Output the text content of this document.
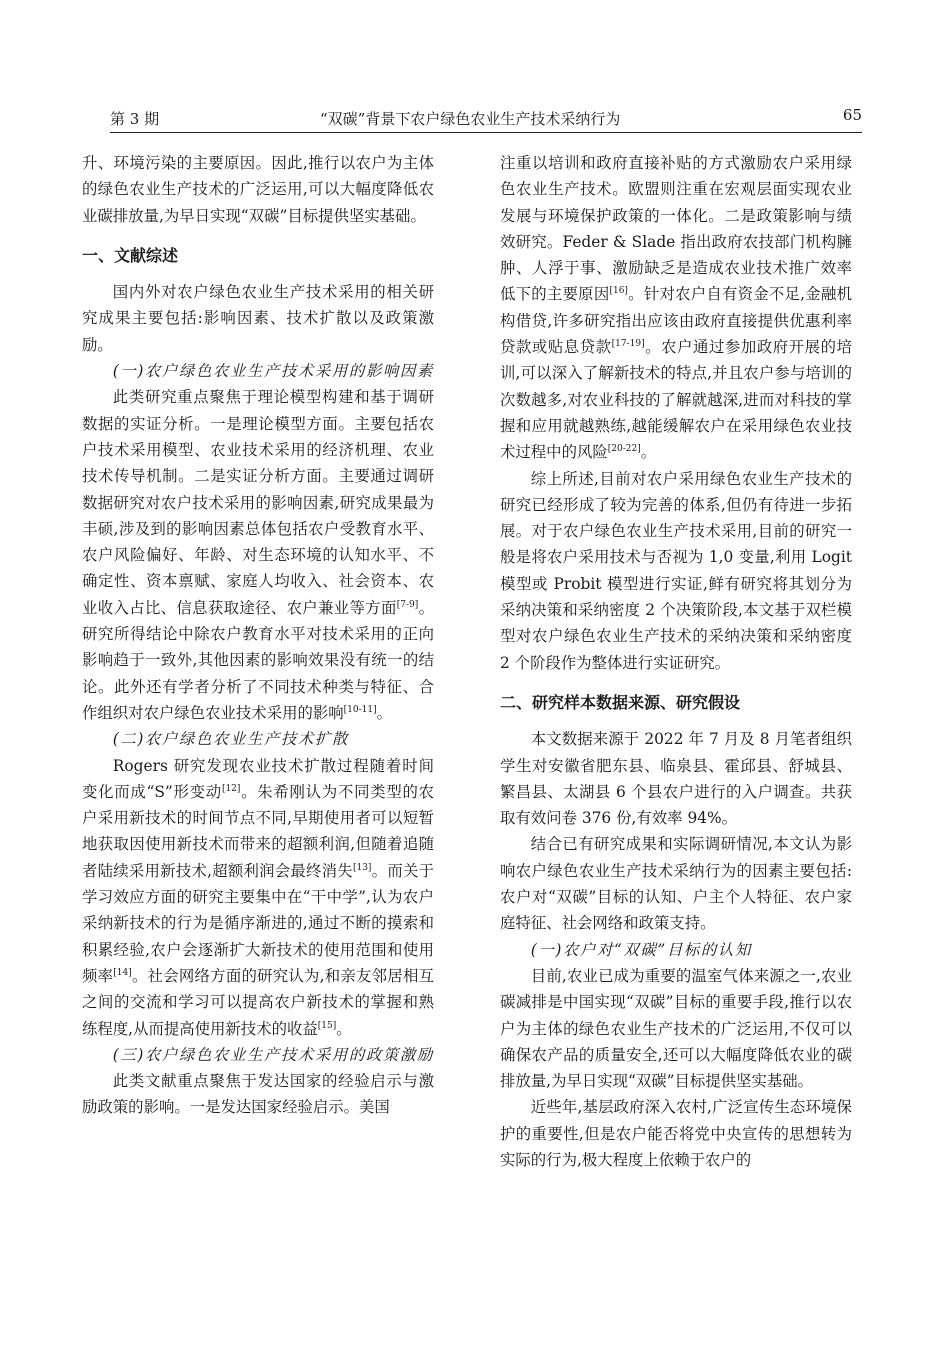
第 3 期	“双碳”背景下农户绿色农业生产技术采纳行为	65

升、环境污染的主要原因。因此,推行以农户为主体的绿色农业生产技术的广泛运用,可以大幅度降低农业碳排放量,为早日实现“双碳”目标提供坚实基础。

一、文献综述

国内外对农户绿色农业生产技术采用的相关研究成果主要包括:影响因素、技术扩散以及政策激励。

(一)农户绿色农业生产技术采用的影响因素

此类研究重点聚焦于理论模型构建和基于调研数据的实证分析。一是理论模型方面。主要包括农户技术采用模型、农业技术采用的经济机理、农业技术传导机制。二是实证分析方面。主要通过调研数据研究对农户技术采用的影响因素,研究成果最为丰硕,涉及到的影响因素总体包括农户受教育水平、农户风险偏好、年龄、对生态环境的认知水平、不确定性、资本禀赋、家庭人均收入、社会资本、农业收入占比、信息获取途径、农户兼业等方面[7-9]。研究所得结论中除农户教育水平对技术采用的正向影响趋于一致外,其他因素的影响效果没有统一的结论。此外还有学者分析了不同技术种类与特征、合作组织对农户绿色农业技术采用的影响[10-11]。

(二)农户绿色农业生产技术扩散

Rogers 研究发现农业技术扩散过程随着时间变化而成“S”形变动[12]。朱希刚认为不同类型的农户采用新技术的时间节点不同,早期使用者可以短暂地获取因使用新技术而带来的超额利润,但随着追随者陆续采用新技术,超额利润会最终消失[13]。而关于学习效应方面的研究主要集中在“干中学”,认为农户采纳新技术的行为是循序渐进的,通过不断的摸索和积累经验,农户会逐渐扩大新技术的使用范围和使用频率[14]。社会网络方面的研究认为,和亲友邻居相互之间的交流和学习可以提高农户新技术的掌握和熟练程度,从而提高使用新技术的收益[15]。

(三)农户绿色农业生产技术采用的政策激励

此类文献重点聚焦于发达国家的经验启示与激励政策的影响。一是发达国家经验启示。美国

注重以培训和政府直接补贴的方式激励农户采用绿色农业生产技术。欧盟则注重在宏观层面实现农业发展与环境保护政策的一体化。二是政策影响与绩效研究。Feder & Slade 指出政府农技部门机构臃肿、人浮于事、激励缺乏是造成农业技术推广效率低下的主要原因[16]。针对农户自有资金不足,金融机构借贷,许多研究指出应该由政府直接提供优惠利率贷款或贴息贷款[17-19]。农户通过参加政府开展的培训,可以深入了解新技术的特点,并且农户参与培训的次数越多,对农业科技的了解就越深,进而对科技的掌握和应用就越熟练,越能缓解农户在采用绿色农业技术过程中的风险[20-22]。

综上所述,目前对农户采用绿色农业生产技术的研究已经形成了较为完善的体系,但仍有待进一步拓展。对于农户绿色农业生产技术采用,目前的研究一般是将农户采用技术与否视为 1,0 变量,利用 Logit 模型或 Probit 模型进行实证,鲜有研究将其划分为采纳决策和采纳密度 2 个决策阶段,本文基于双栏模型对农户绿色农业生产技术的采纳决策和采纳密度 2 个阶段作为整体进行实证研究。

二、研究样本数据来源、研究假设

本文数据来源于 2022 年 7 月及 8 月笔者组织学生对安徽省肥东县、临泉县、霍邱县、舒城县、繁昌县、太湖县 6 个县农户进行的入户调查。共获取有效问卷 376 份,有效率 94%。

结合已有研究成果和实际调研情况,本文认为影响农户绿色农业生产技术采纳行为的因素主要包括:农户对“双碳”目标的认知、户主个人特征、农户家庭特征、社会网络和政策支持。

(一)农户对“双碳”目标的认知

目前,农业已成为重要的温室气体来源之一,农业碳减排是中国实现“双碳”目标的重要手段,推行以农户为主体的绿色农业生产技术的广泛运用,不仅可以确保农产品的质量安全,还可以大幅度降低农业的碳排放量,为早日实现“双碳”目标提供坚实基础。

近些年,基层政府深入农村,广泛宣传生态环境保护的重要性,但是农户能否将党中央宣传的思想转为实际的行为,极大程度上依赖于农户的
